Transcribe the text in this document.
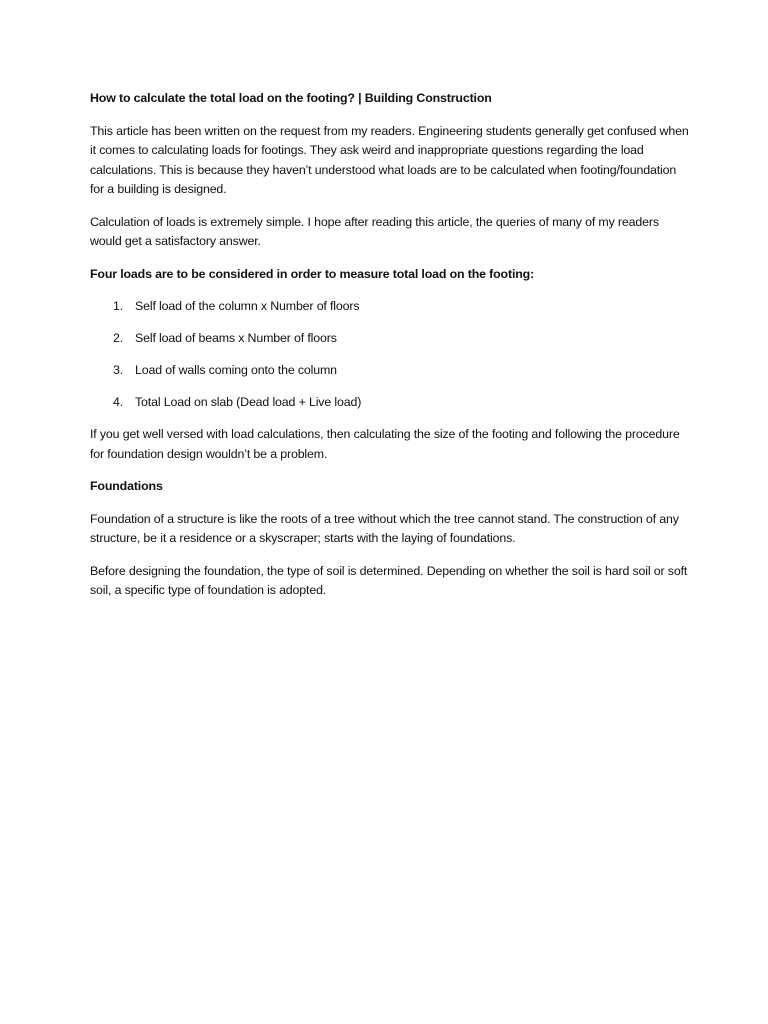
How to calculate the total load on the footing? | Building Construction

This article has been written on the request from my readers. Engineering students generally get confused when it comes to calculating loads for footings. They ask weird and inappropriate questions regarding the load calculations. This is because they haven’t understood what loads are to be calculated when footing/foundation for a building is designed.

Calculation of loads is extremely simple. I hope after reading this article, the queries of many of my readers would get a satisfactory answer.

Four loads are to be considered in order to measure total load on the footing:

1. Self load of the column x Number of floors
2. Self load of beams x Number of floors
3. Load of walls coming onto the column
4. Total Load on slab (Dead load + Live load)

If you get well versed with load calculations, then calculating the size of the footing and following the procedure for foundation design wouldn’t be a problem.

Foundations

Foundation of a structure is like the roots of a tree without which the tree cannot stand. The construction of any structure, be it a residence or a skyscraper; starts with the laying of foundations.

Before designing the foundation, the type of soil is determined. Depending on whether the soil is hard soil or soft soil, a specific type of foundation is adopted.
